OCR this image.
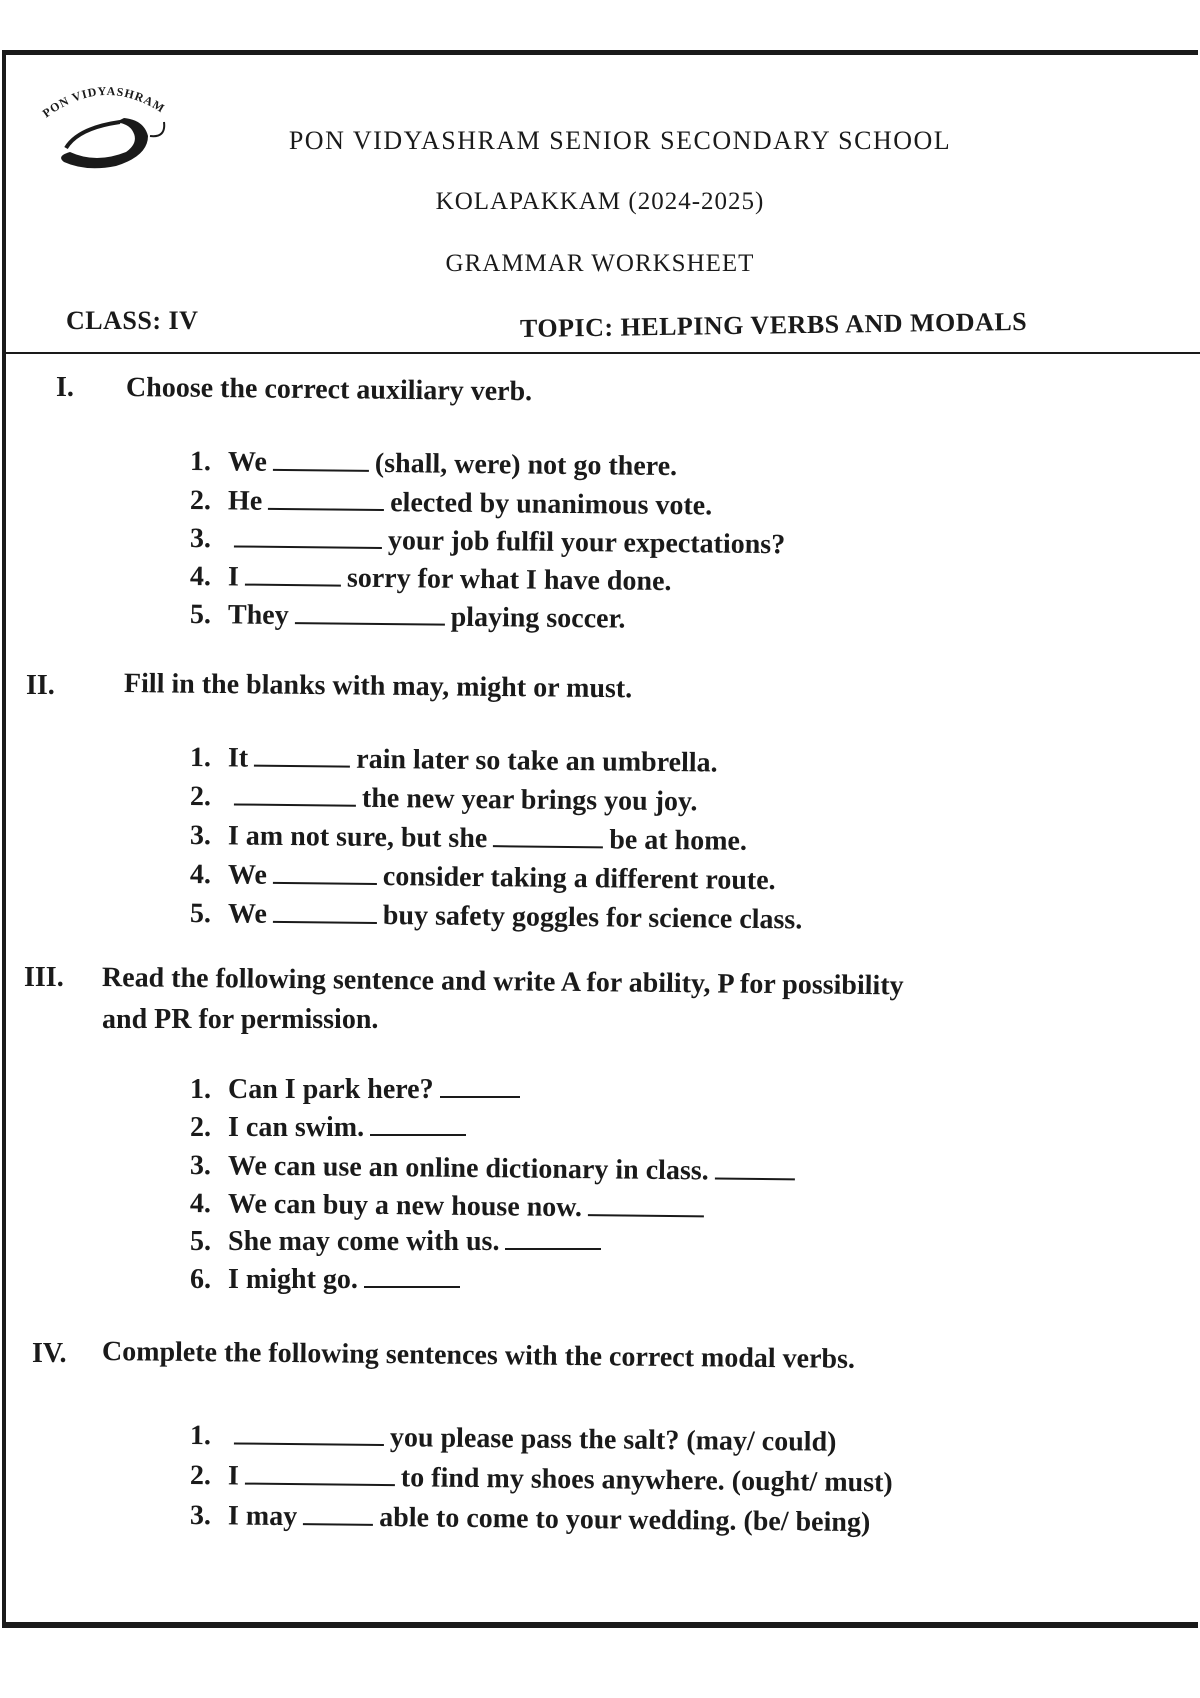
PON VIDYASHRAM
PON VIDYASHRAM SENIOR SECONDARY SCHOOL
KOLAPAKKAM (2024-2025)
GRAMMAR WORKSHEET
CLASS: IV	TOPIC: HELPING VERBS AND MODALS
I. Choose the correct auxiliary verb.
1. We	(shall, were) not go there.
2. He	elected by unanimous vote.
3.	your job fulfil your expectations?
4. I	sorry for what I have done.
5. They	playing soccer.
II. Fill in the blanks with may, might or must.
1. It	rain later so take an umbrella.
2.	the new year brings you joy.
3. I am not sure, but she	be at home.
4. We	consider taking a different route.
5. We	buy safety goggles for science class.
III. Read the following sentence and write A for ability, P for possibility
and PR for permission.
1. Can I park here?
2. I can swim.
3. We can use an online dictionary in class.
4. We can buy a new house now.
5. She may come with us.
6. I might go.
IV. Complete the following sentences with the correct modal verbs.
1.	you please pass the salt? (may/ could)
2. I	to find my shoes anywhere. (ought/ must)
3. I may	able to come to your wedding. (be/ being)
